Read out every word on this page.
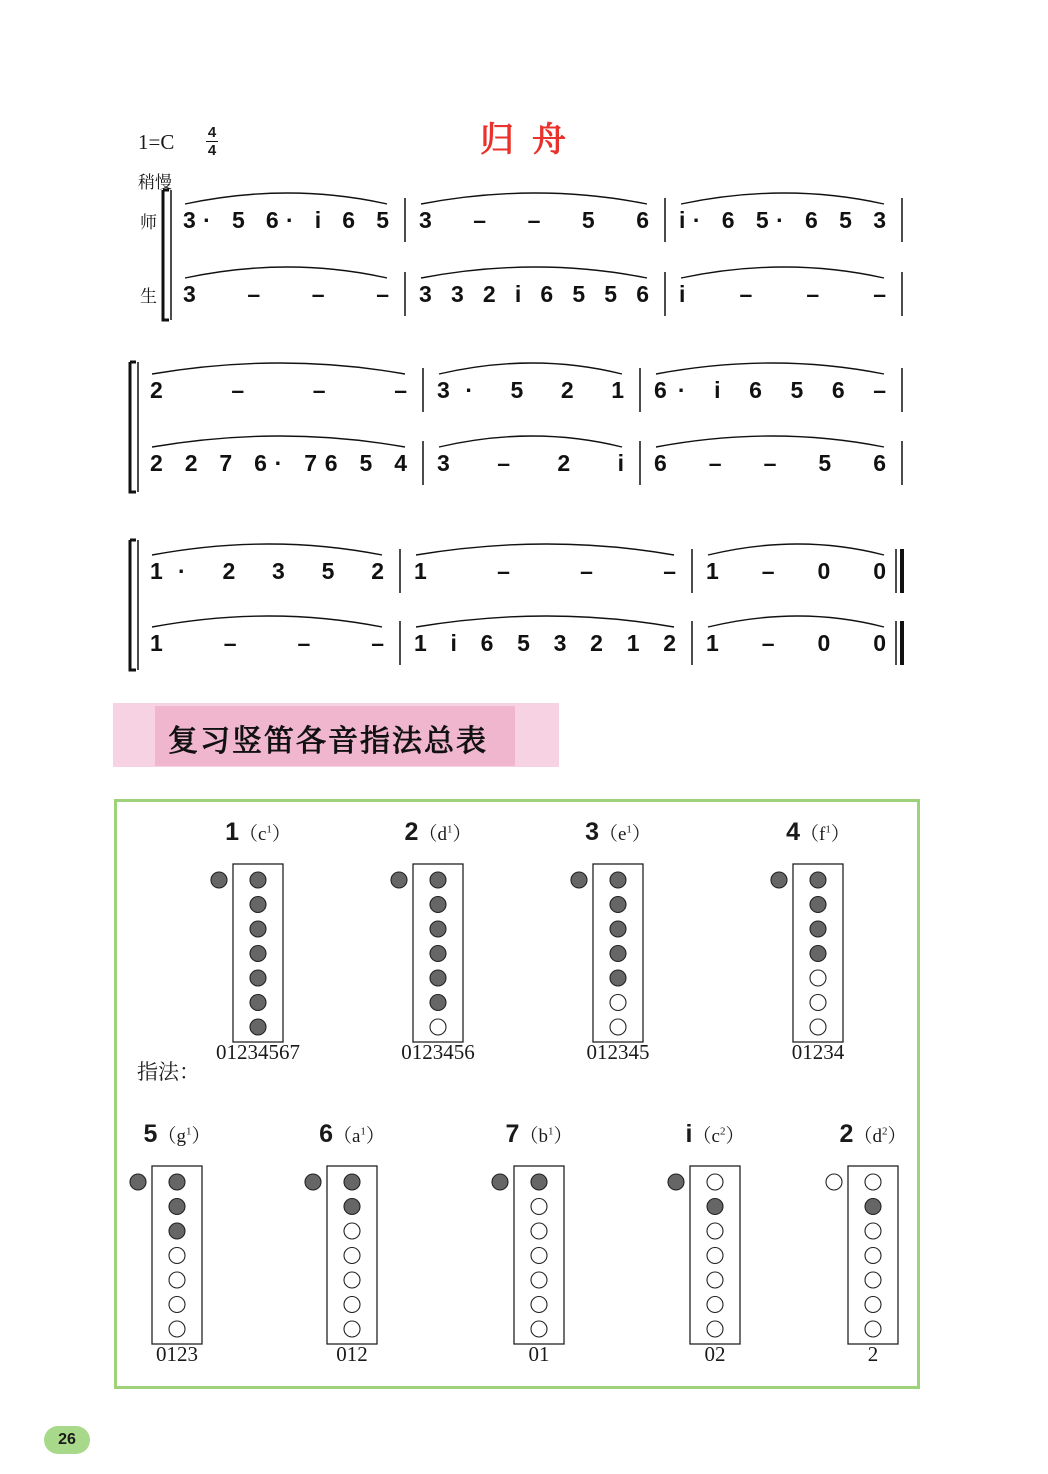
归舟
1=C 4
4
稍慢
师
生
3· 5 6· i 6 5 3 – – 5 6 i· 6 5· 6 5 3
3 – – – 3 3 2 i 6 5 5 6 i – – –
2 – – – 3· 5 2 1 6· i 6 5 6 –
2 2 7 6· 76 5 4 3 – 2 i 6 – – 5 6
1· 2 3 5 2 1 – – – 1 – 0 0
1 – – – 1 i 6 5 3 2 1 2 1 – 0 0
复习竖笛各音指法总表
指法：
$1(c^1)$
01234567
$2(d^1)$
0123456
$3(e^1)$
012345
$4(f^1)$
01234
$5(g^1)$
0123
$6(a^1)$
012
$7(b^1)$
01
$i(c^2)$
02
$2(d^2)$
2
26
